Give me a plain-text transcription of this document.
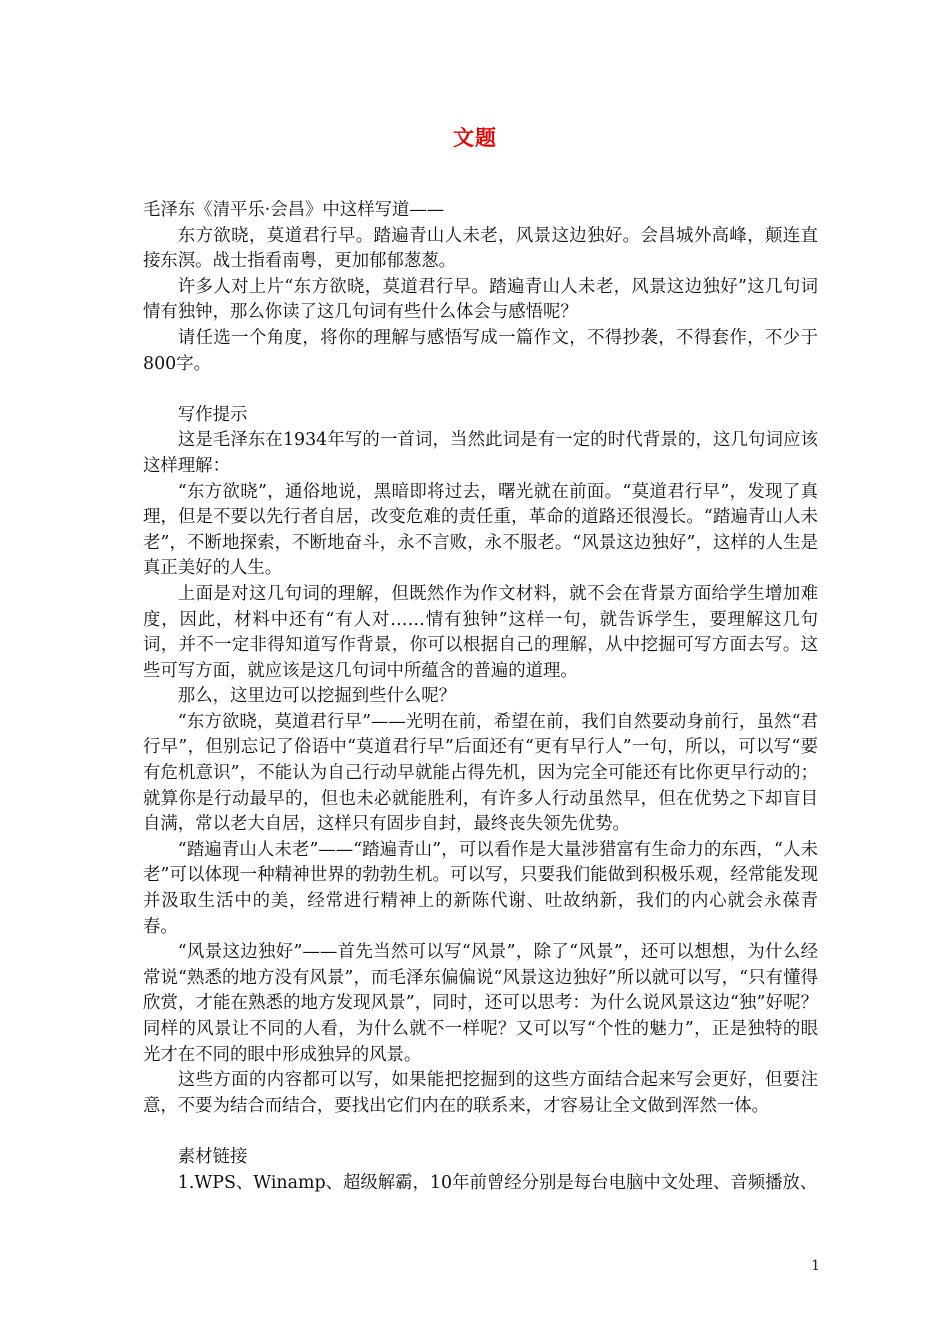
文题

毛泽东《清平乐·会昌》中这样写道——

东方欲晓，莫道君行早。踏遍青山人未老，风景这边独好。会昌城外高峰，颠连直接东溟。战士指看南粤，更加郁郁葱葱。

许多人对上片“东方欲晓，莫道君行早。踏遍青山人未老，风景这边独好”这几句词情有独钟，那么你读了这几句词有些什么体会与感悟呢？

请任选一个角度，将你的理解与感悟写成一篇作文，不得抄袭，不得套作，不少于800字。

写作提示

这是毛泽东在1934年写的一首词，当然此词是有一定的时代背景的，这几句词应该这样理解：

“东方欲晓”，通俗地说，黑暗即将过去，曙光就在前面。“莫道君行早”，发现了真理，但是不要以先行者自居，改变危难的责任重，革命的道路还很漫长。“踏遍青山人未老”，不断地探索，不断地奋斗，永不言败，永不服老。“风景这边独好”，这样的人生是真正美好的人生。

上面是对这几句词的理解，但既然作为作文材料，就不会在背景方面给学生增加难度，因此，材料中还有“有人对……情有独钟”这样一句，就告诉学生，要理解这几句词，并不一定非得知道写作背景，你可以根据自己的理解，从中挖掘可写方面去写。这些可写方面，就应该是这几句词中所蕴含的普遍的道理。

那么，这里边可以挖掘到些什么呢？

“东方欲晓，莫道君行早”——光明在前，希望在前，我们自然要动身前行，虽然“君行早”，但别忘记了俗语中“莫道君行早”后面还有“更有早行人”一句，所以，可以写“要有危机意识”，不能认为自己行动早就能占得先机，因为完全可能还有比你更早行动的；就算你是行动最早的，但也未必就能胜利，有许多人行动虽然早，但在优势之下却盲目自满，常以老大自居，这样只有固步自封，最终丧失领先优势。

“踏遍青山人未老”——“踏遍青山”，可以看作是大量涉猎富有生命力的东西，“人未老”可以体现一种精神世界的勃勃生机。可以写，只要我们能做到积极乐观，经常能发现并汲取生活中的美，经常进行精神上的新陈代谢、吐故纳新，我们的内心就会永葆青春。

“风景这边独好”——首先当然可以写“风景”，除了“风景”，还可以想想，为什么经常说“熟悉的地方没有风景”，而毛泽东偏偏说“风景这边独好”所以就可以写，“只有懂得欣赏，才能在熟悉的地方发现风景”，同时，还可以思考：为什么说风景这边“独”好呢？同样的风景让不同的人看，为什么就不一样呢？又可以写“个性的魅力”，正是独特的眼光才在不同的眼中形成独异的风景。

这些方面的内容都可以写，如果能把挖掘到的这些方面结合起来写会更好，但要注意，不要为结合而结合，要找出它们内在的联系来，才容易让全文做到浑然一体。

素材链接

1.WPS、Winamp、超级解霸，10年前曾经分别是每台电脑中文处理、音频播放、

1
